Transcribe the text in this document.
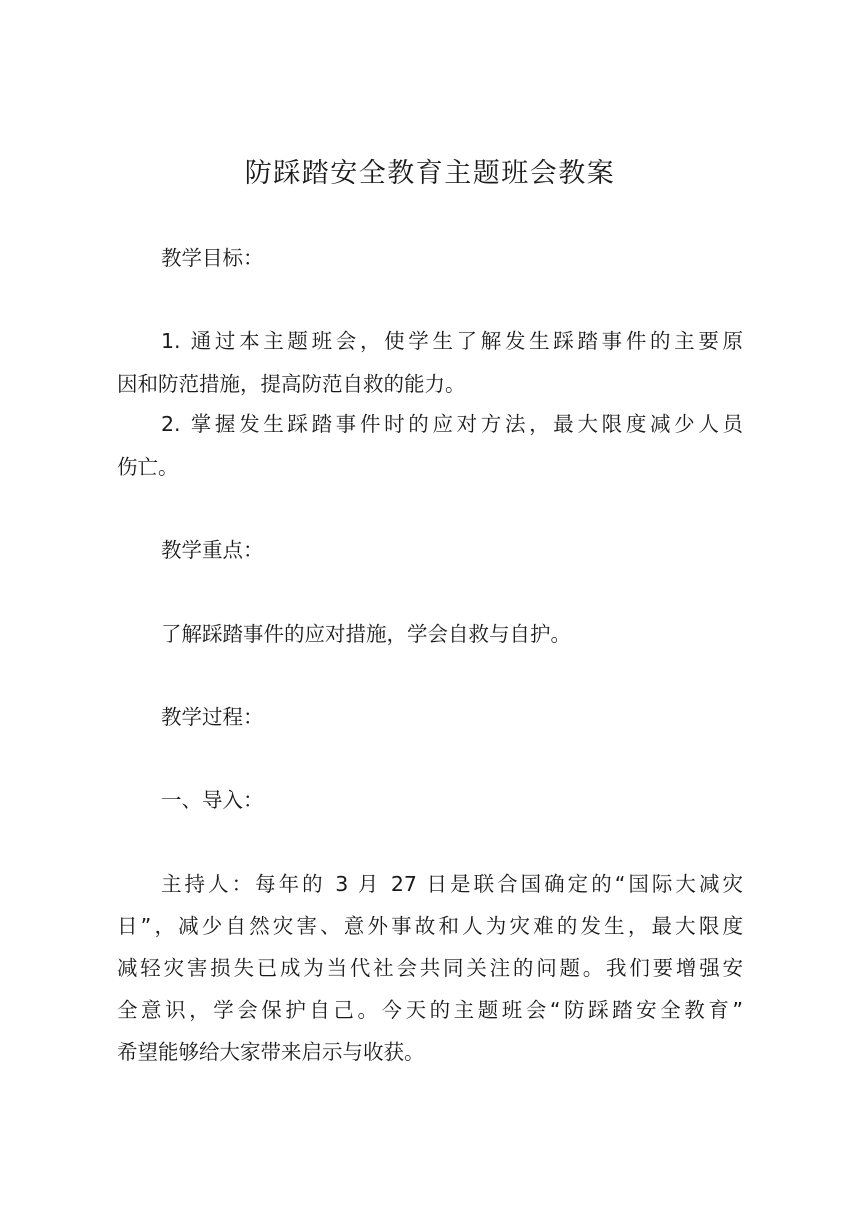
防踩踏安全教育主题班会教案
教学目标：
1. 通过本主题班会，使学生了解发生踩踏事件的主要原
因和防范措施，提高防范自救的能力。
2. 掌握发生踩踏事件时的应对方法，最大限度减少人员
伤亡。
教学重点：
了解踩踏事件的应对措施，学会自救与自护。
教学过程：
一、导入：
主持人：每年的 3 月 27 日是联合国确定的“国际大减灾
日”，减少自然灾害、意外事故和人为灾难的发生，最大限度
减轻灾害损失已成为当代社会共同关注的问题。我们要增强安
全意识，学会保护自己。今天的主题班会“防踩踏安全教育”
希望能够给大家带来启示与收获。
